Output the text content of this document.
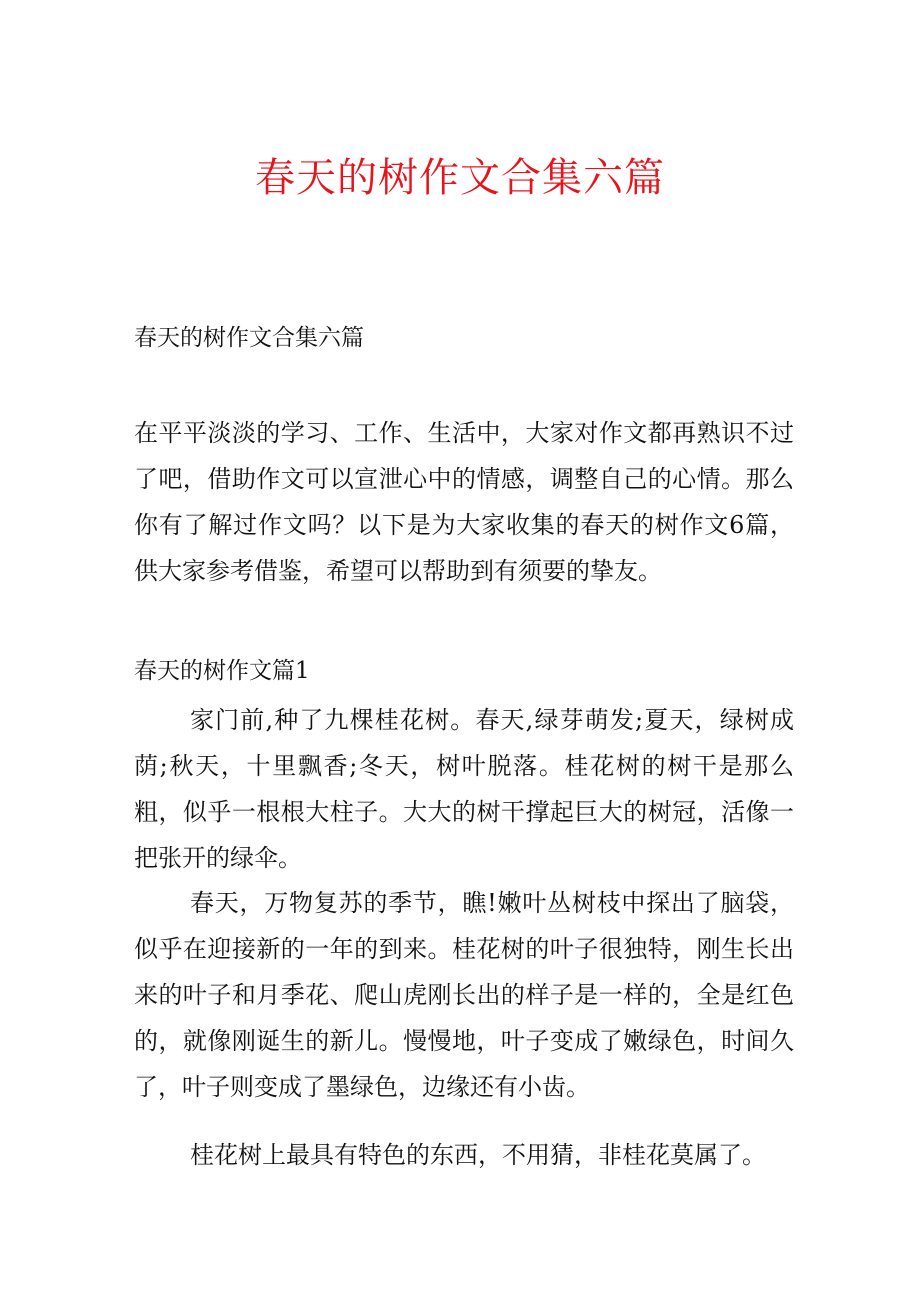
春天的树作文合集六篇

春天的树作文合集六篇

在平平淡淡的学习、工作、生活中，大家对作文都再熟识不过了吧，借助作文可以宣泄心中的情感，调整自己的心情。那么你有了解过作文吗？以下是为大家收集的春天的树作文6篇，供大家参考借鉴，希望可以帮助到有须要的挚友。

春天的树作文篇1

家门前,种了九棵桂花树。春天,绿芽萌发;夏天，绿树成荫;秋天，十里飘香;冬天，树叶脱落。桂花树的树干是那么粗，似乎一根根大柱子。大大的树干撑起巨大的树冠，活像一把张开的绿伞。

春天，万物复苏的季节，瞧!嫩叶丛树枝中探出了脑袋，似乎在迎接新的一年的到来。桂花树的叶子很独特，刚生长出来的叶子和月季花、爬山虎刚长出的样子是一样的，全是红色的，就像刚诞生的新儿。慢慢地，叶子变成了嫩绿色，时间久了，叶子则变成了墨绿色，边缘还有小齿。

桂花树上最具有特色的东西，不用猜，非桂花莫属了。
